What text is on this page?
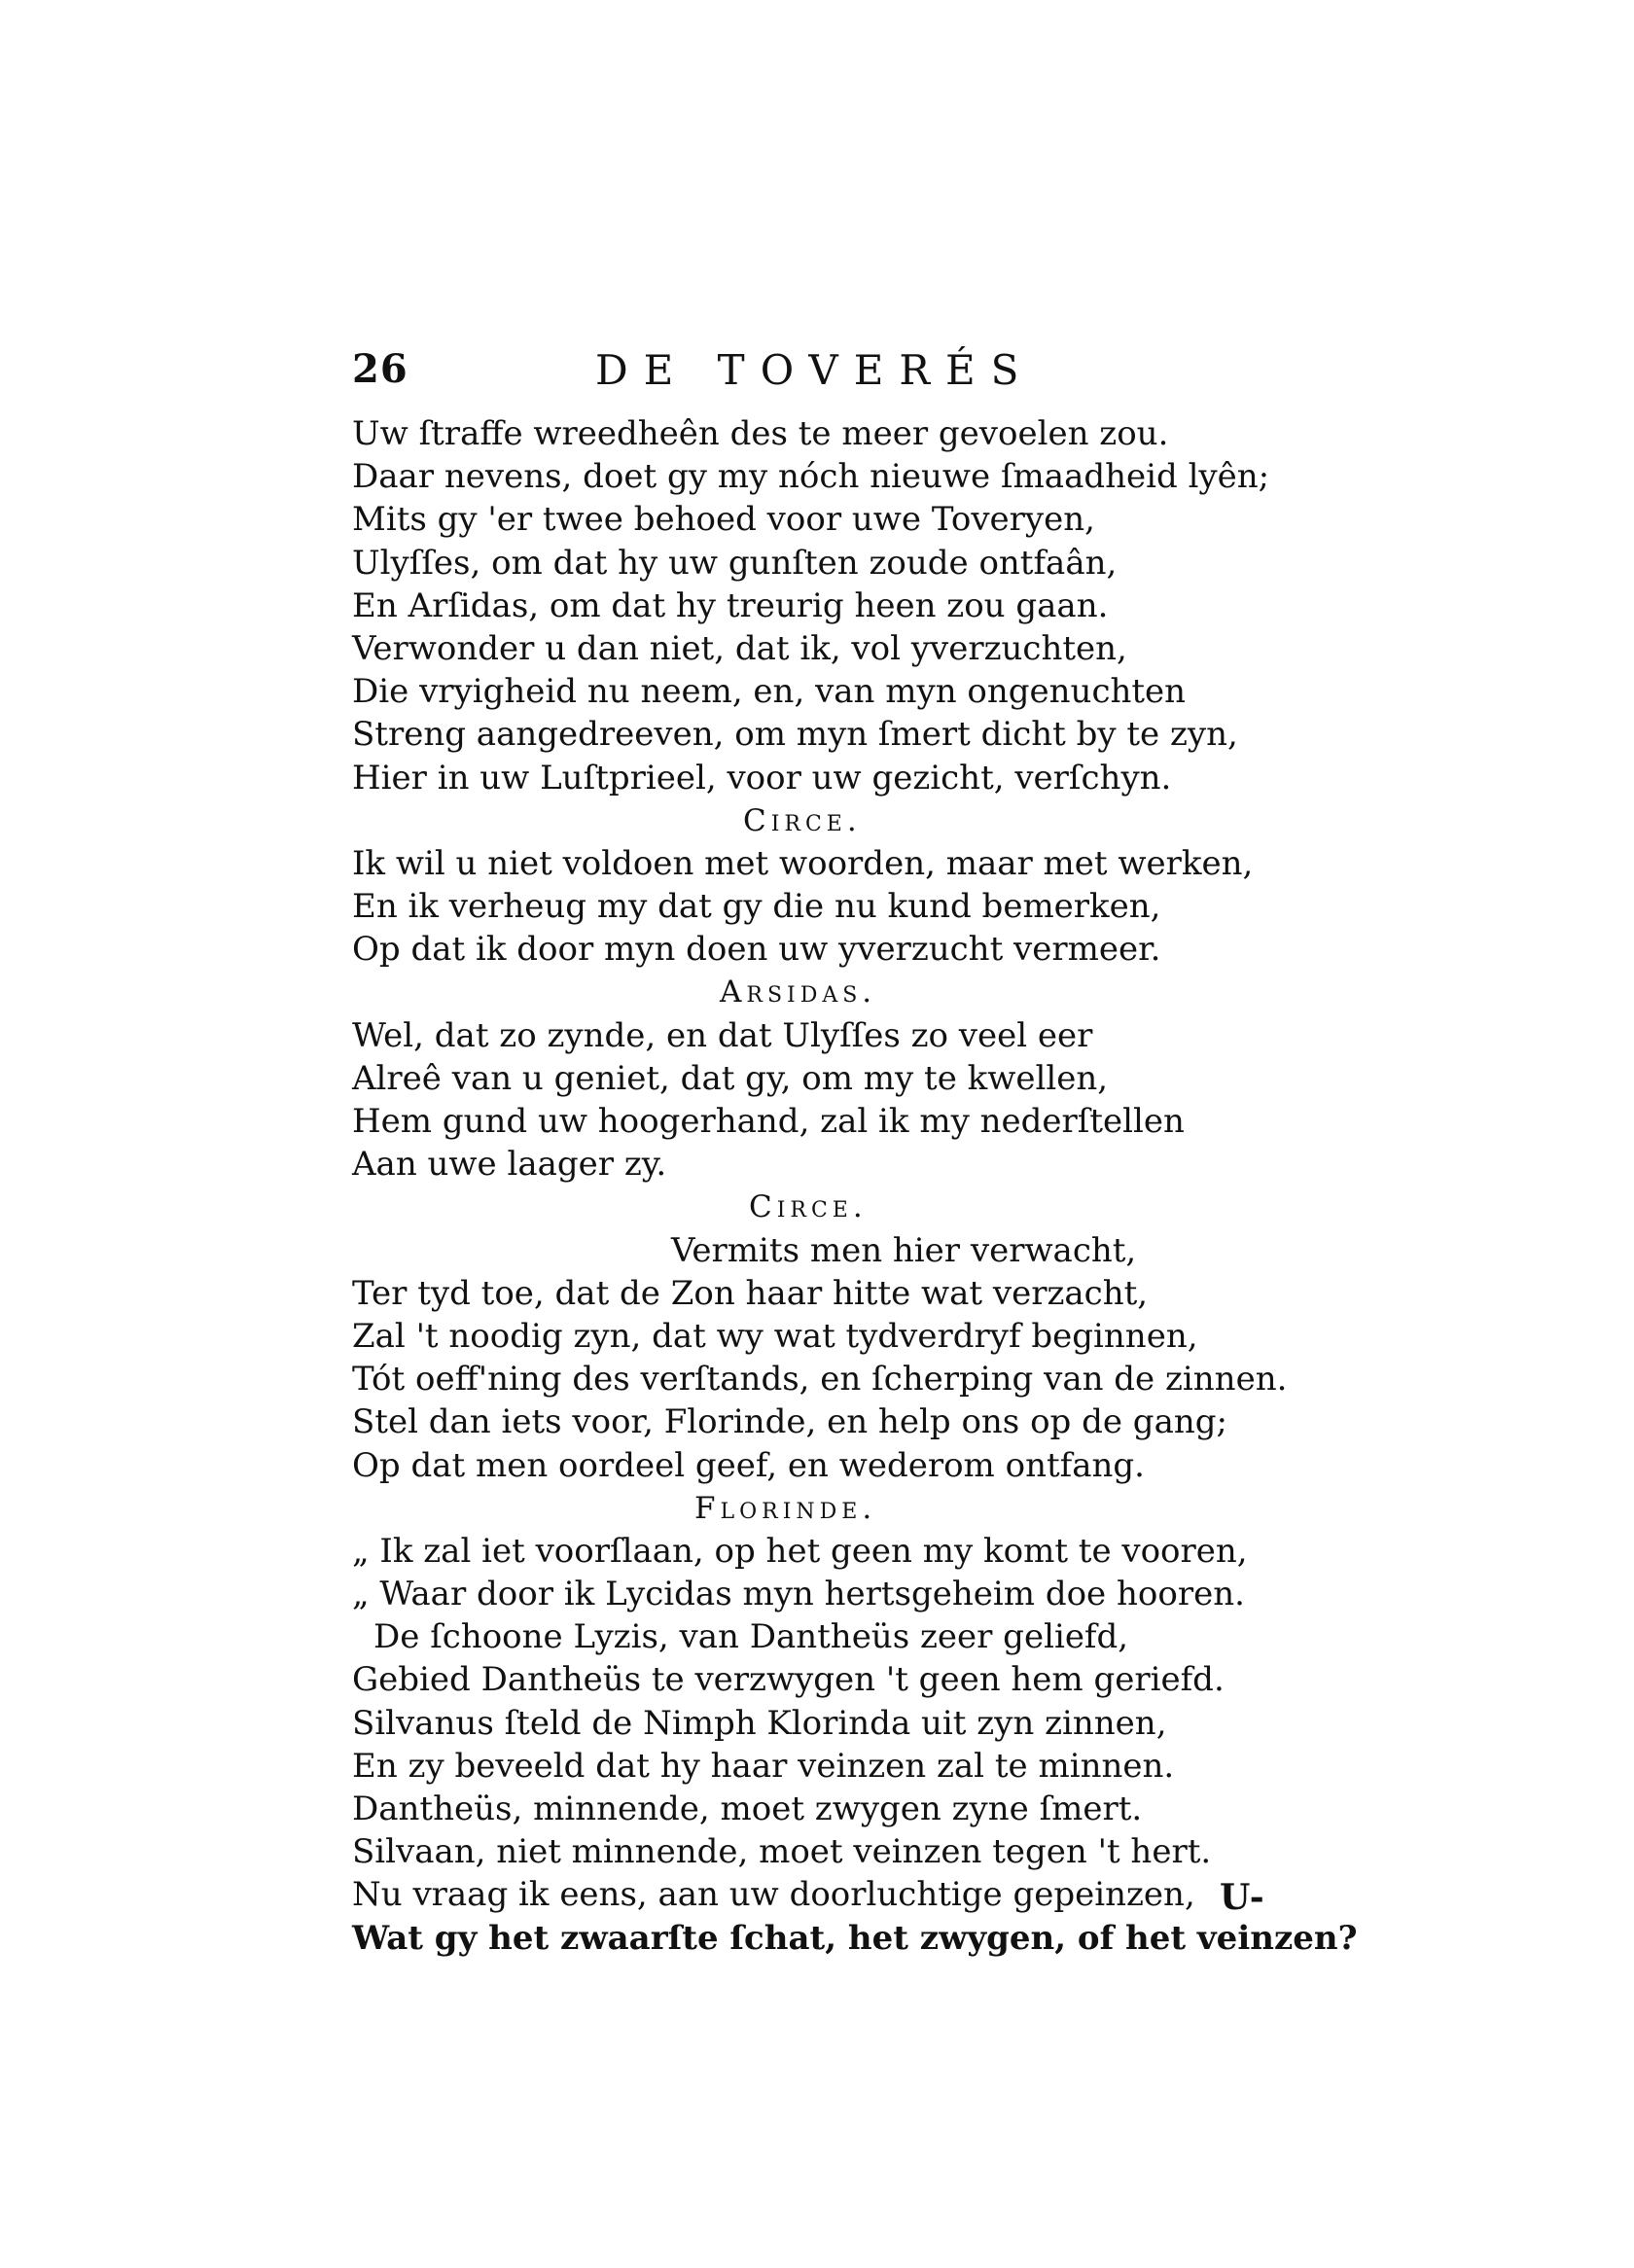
26	DE TOVERÉS
Uw ſtraffe wreedheên des te meer gevoelen zou.
Daar nevens, doet gy my nóch nieuwe ſmaadheid lyên;
Mits gy 'er twee behoed voor uwe Toveryen,
Ulyſſes, om dat hy uw gunſten zoude ontfaân,
En Arſidas, om dat hy treurig heen zou gaan.
Verwonder u dan niet, dat ik, vol yverzuchten,
Die vryigheid nu neem, en, van myn ongenuchten
Streng aangedreeven, om myn ſmert dicht by te zyn,
Hier in uw Luſtprieel, voor uw gezicht, verſchyn.
Circe.
Ik wil u niet voldoen met woorden, maar met werken,
En ik verheug my dat gy die nu kund bemerken,
Op dat ik door myn doen uw yverzucht vermeer.
Arsidas.
Wel, dat zo zynde, en dat Ulyſſes zo veel eer
Alreê van u geniet, dat gy, om my te kwellen,
Hem gund uw hoogerhand, zal ik my nederſtellen
Aan uwe laager zy.
Circe.
Vermits men hier verwacht,
Ter tyd toe, dat de Zon haar hitte wat verzacht,
Zal 't noodig zyn, dat wy wat tydverdryf beginnen,
Tót oeff'ning des verſtands, en ſcherping van de zinnen.
Stel dan iets voor, Florinde, en help ons op de gang;
Op dat men oordeel geef, en wederom ontfang.
Florinde.
„ Ik zal iet voorſlaan, op het geen my komt te vooren,
„ Waar door ik Lycidas myn hertsgeheim doe hooren.
De ſchoone Lyzis, van Dantheüs zeer geliefd,
Gebied Dantheüs te verzwygen 't geen hem geriefd.
Silvanus ſteld de Nimph Klorinda uit zyn zinnen,
En zy beveeld dat hy haar veinzen zal te minnen.
Dantheüs, minnende, moet zwygen zyne ſmert.
Silvaan, niet minnende, moet veinzen tegen 't hert.
Nu vraag ik eens, aan uw doorluchtige gepeinzen,
Wat gy het zwaarſte ſchat, het zwygen, of het veinzen?
U-
